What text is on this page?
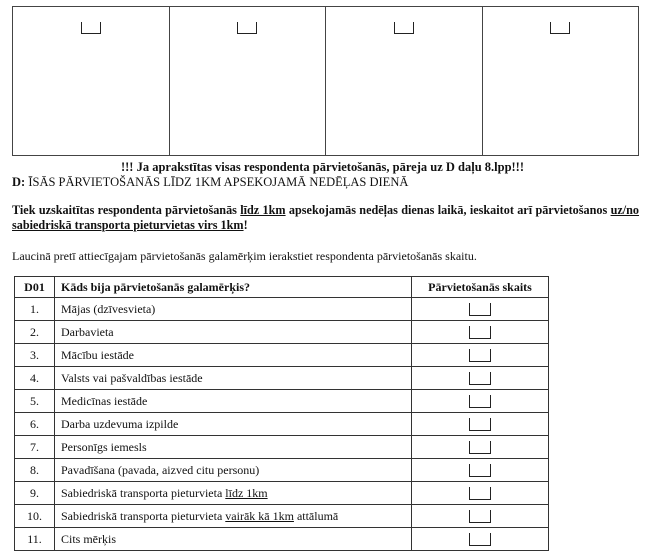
!!! Ja aprakstītas visas respondenta pārvietošanās, pāreja uz D daļu 8.lpp!!!
D: ĪSĀS PĀRVIETOŠANĀS LĪDZ 1KM APSEKOJAMĀ NEDĒĻAS DIENĀ
Tiek uzskaitītas respondenta pārvietošanās līdz 1km apsekojamās nedēļas dienas laikā, ieskaitot arī pārvietošanos uz/no sabiedriskā transporta pieturvietas virs 1km!
Laucinā pretī attiecīgajam pārvietošanās galamērķim ierakstiet respondenta pārvietošanās skaitu.
D01	Kāds bija pārvietošanās galamērķis?	Pārvietošanās skaits
1.	Mājas (dzīvesvieta)	
2.	Darbavieta	
3.	Mācību iestāde	
4.	Valsts vai pašvaldības iestāde	
5.	Medicīnas iestāde	
6.	Darba uzdevuma izpilde	
7.	Personīgs iemesls	
8.	Pavadīšana (pavada, aizved citu personu)	
9.	Sabiedriskā transporta pieturvieta līdz 1km	
10.	Sabiedriskā transporta pieturvieta vairāk kā 1km attālumā	
11.	Cits mērķis	
